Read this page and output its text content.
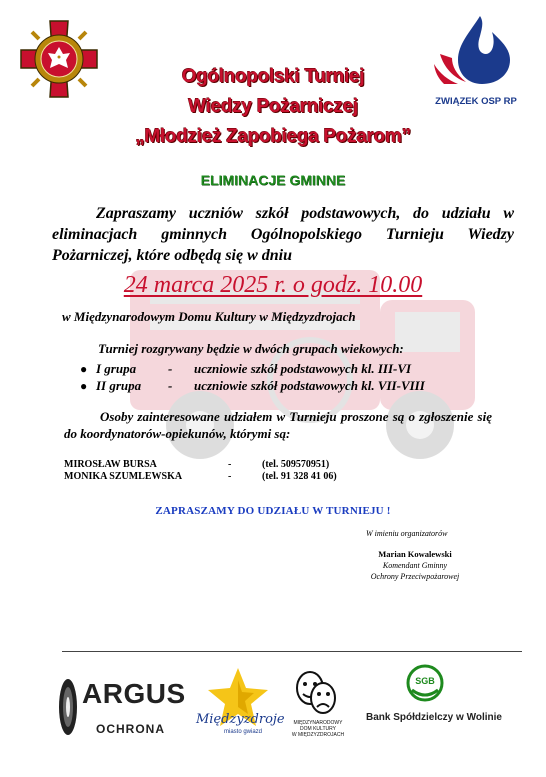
ZWIĄZEK OSP RP
Ogólnopolski Turniej
Wiedzy Pożarniczej
„Młodzież Zapobiega Pożarom”
ELIMINACJE GMINNE
Zapraszamy uczniów szkół podstawowych, do udziału w eliminacjach gminnych Ogólnopolskiego Turnieju Wiedzy Pożarniczej, które odbędą się w dniu
24 marca 2025 r. o godz. 10.00
w Międzynarodowym Domu Kultury w Międzyzdrojach
Turniej rozgrywany będzie w dwóch grupach wiekowych:
● I grupa	-	uczniowie szkół podstawowych kl. III-VI
● II grupa	-	uczniowie szkół podstawowych kl. VII-VIII
Osoby zainteresowane udziałem w Turnieju proszone są o zgłoszenie się do koordynatorów-opiekunów, którymi są:
MIROSŁAW BURSA	-	(tel. 509570951)
MONIKA SZUMLEWSKA	-	(tel. 91 328 41 06)
ZAPRASZAMY DO UDZIAŁU W TURNIEJU !
W imieniu organizatorów
Marian Kowalewski
Komendant Gminny
Ochrony Przeciwpożarowej
ARGUS
OCHRONA
Międzyzdroje
miasto gwiazd
MIĘDZYNARODOWY
DOM KULTURY
W MIĘDZYZDROJACH
SGB
Bank Spółdzielczy w Wolinie
